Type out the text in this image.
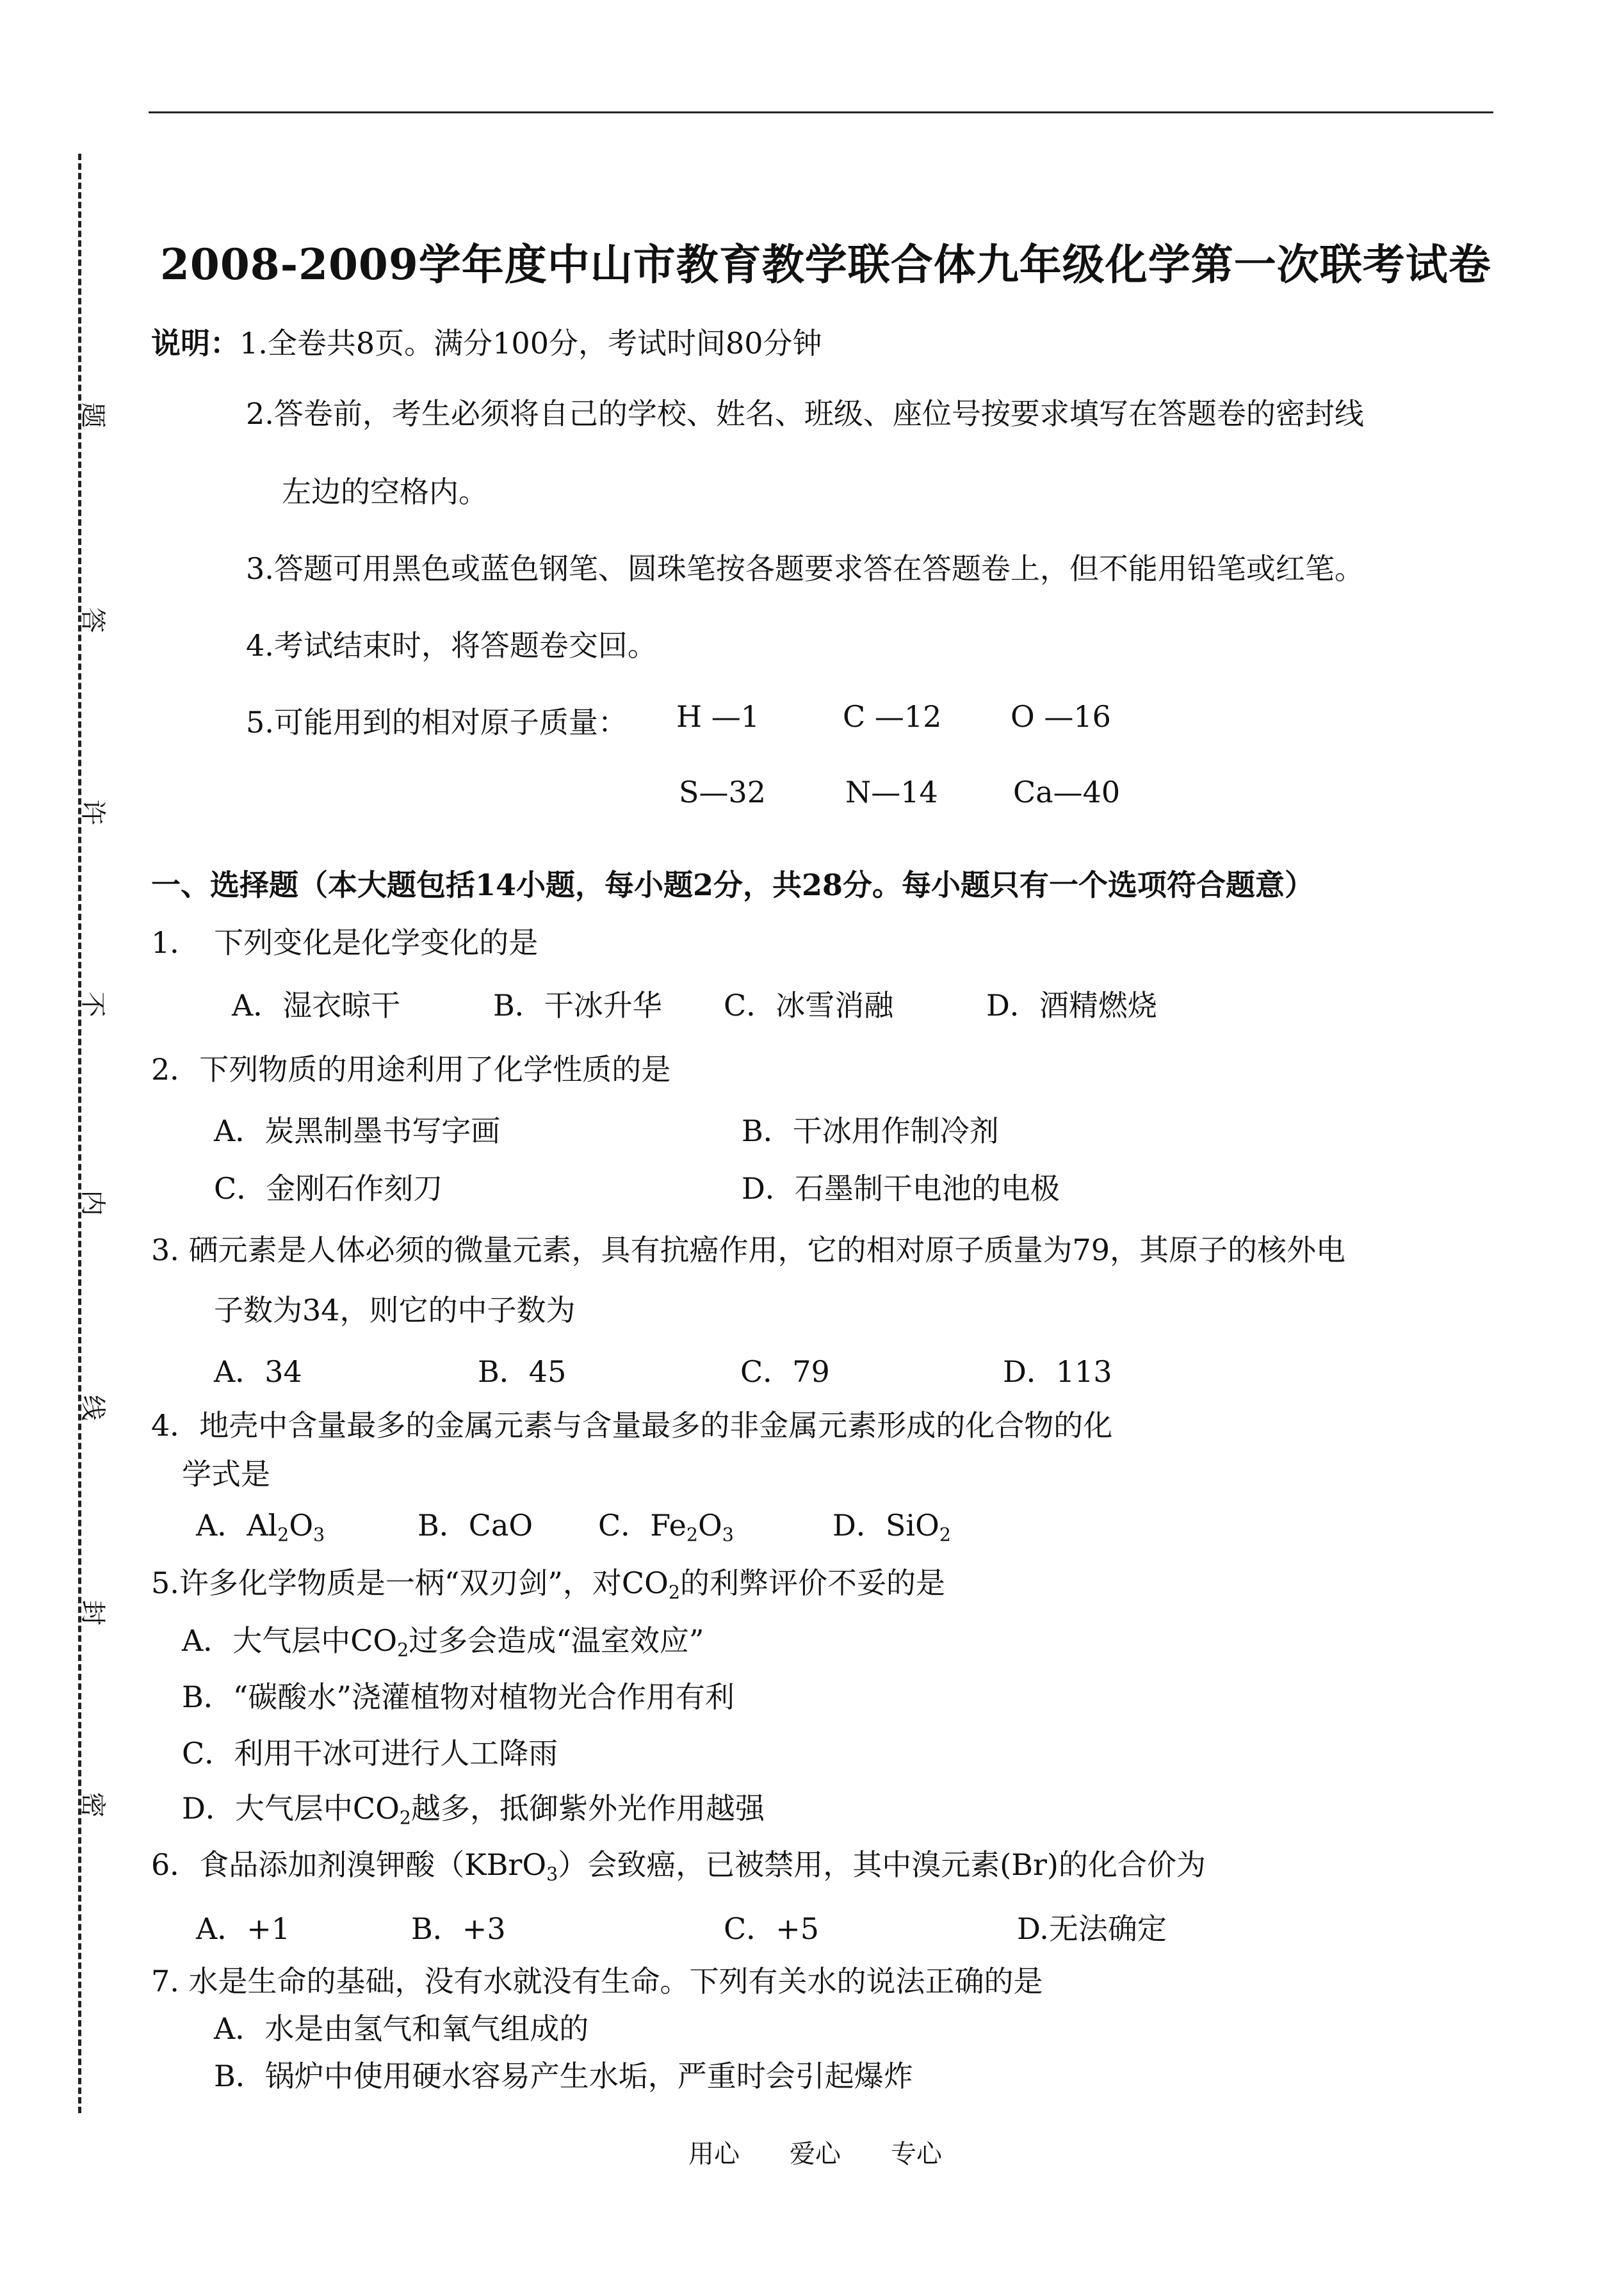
题
答
许
不
内
线
封
密
2008-2009学年度中山市教育教学联合体九年级化学第一次联考试卷
说明：1.全卷共8页。满分100分，考试时间80分钟
2.答卷前，考生必须将自己的学校、姓名、班级、座位号按要求填写在答题卷的密封线
左边的空格内。
3.答题可用黑色或蓝色钢笔、圆珠笔按各题要求答在答题卷上，但不能用铅笔或红笔。
4.考试结束时，将答题卷交回。
5.可能用到的相对原子质量： H —1	C —12 O —16
S—32	N—14	Ca—40
一、选择题（本大题包括14小题，每小题2分，共28分。每小题只有一个选项符合题意）
1．　下列变化是化学变化的是
A．湿衣晾干	B．干冰升华 C．冰雪消融	D．酒精燃烧
2．下列物质的用途利用了化学性质的是
A．炭黑制墨书写字画	B．干冰用作制冷剂
C．金刚石作刻刀	D．石墨制干电池的电极
3. 硒元素是人体必须的微量元素，具有抗癌作用，它的相对原子质量为79，其原子的核外电
子数为34，则它的中子数为
A．34	B．45	C．79	D．113
4．地壳中含量最多的金属元素与含量最多的非金属元素形成的化合物的化
学式是
A．$Al_2O_3$	B．CaO C．$Fe_2O_3$	D．SiO$_2$
5.许多化学物质是一柄“双刃剑”，对$CO_2$的利弊评价不妥的是
A．大气层中$CO_2$过多会造成“温室效应”
B．“碳酸水”浇灌植物对植物光合作用有利
C．利用干冰可进行人工降雨
D．大气层中$CO_2$越多，抵御紫外光作用越强
6．食品添加剂溴钾酸（KBrO$_3$）会致癌，已被禁用，其中溴元素(Br)的化合价为
A．+1	B．+3	C．+5	D.无法确定
7. 水是生命的基础，没有水就没有生命。下列有关水的说法正确的是
A．水是由氢气和氧气组成的
B．锅炉中使用硬水容易产生水垢，严重时会引起爆炸
用心 爱心 专心
